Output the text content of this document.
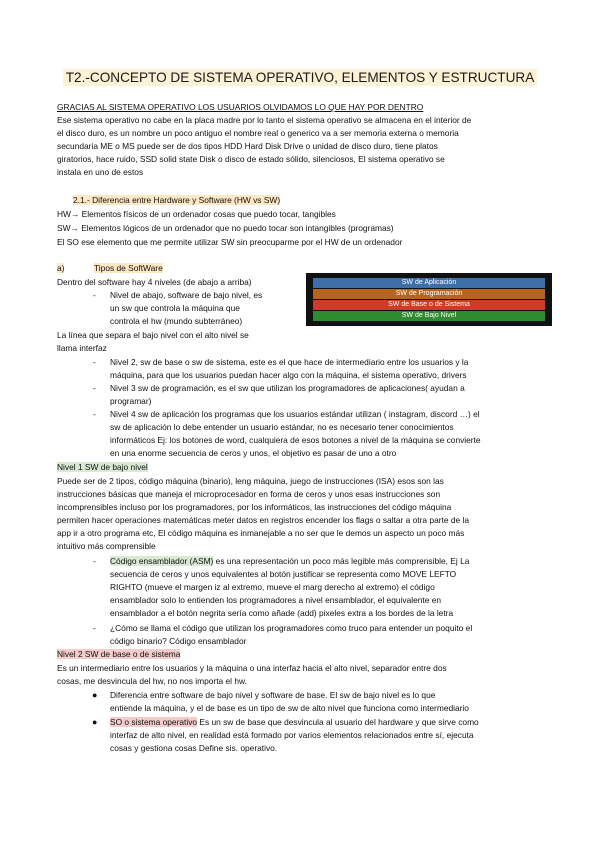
T2.-CONCEPTO DE SISTEMA OPERATIVO, ELEMENTOS Y ESTRUCTURA
GRACIAS AL SISTEMA OPERATIVO LOS USUARIOS OLVIDAMOS LO QUE HAY POR DENTRO
Ese sistema operativo no cabe en la placa madre por lo tanto el sistema operativo se almacena en el interior de
el disco duro, es un nombre un poco antiguo el nombre real o generico va a ser memoria externa o memoria
secundaria ME o MS puede ser de dos tipos HDD Hard Disk Drive o unidad de disco duro, tiene platos
giratorios, hace ruido, SSD solid state Disk o disco de estado sólido, silenciosos, El sistema operativo se
instala en uno de estos
2.1.- Diferencia entre Hardware y Software (HW vs SW)
HW→ Elementos físicos de un ordenador cosas que puedo tocar, tangibles
SW→ Elementos lógicos de un ordenador que no puedo tocar son intangibles (programas)
El SO ese elemento que me permite utilizar SW sin preocuparme por el HW de un ordenador
a)	Tipos de SoftWare
Dentro del software hay 4 niveles (de abajo a arriba)
- Nivel de abajo, software de bajo nivel, es
un sw que controla la máquina que
controla el hw (mundo subterráneo)
La línea que separa el bajo nivel con el alto nivel se
llama interfaz
- Nivel 2, sw de base o sw de sistema, este es el que hace de intermediario entre los usuarios y la
máquina, para que los usuarios puedan hacer algo con la máquina, el sistema operativo, drivers
- Nivel 3 sw de programación, es el sw que utilizan los programadores de aplicaciones( ayudan a
programar)
- Nivel 4 sw de aplicación los programas que los usuarios estándar utilizan ( instagram, discord …) el
sw de aplicación lo debe entender un usuario estándar, no es necesario tener conocimientos
informáticos Ej: los botones de word, cualquiera de esos botones a nivel de la máquina se convierte
en una enorme secuencia de ceros y unos, el objetivo es pasar de uno a otro
SW de Aplicación
SW de Programación
SW de Base o de Sistema
SW de Bajo Nivel
Nivel 1 SW de bajo nivel
Puede ser de 2 tipos, código máquina (binario), leng máquina, juego de instrucciones (ISA) esos son las
instrucciones básicas que maneja el microprocesador en forma de ceros y unos esas instrucciones son
incomprensibles incluso por los programadores, por los informáticos, las instrucciones del código máquina
permiten hacer operaciones matemáticas meter datos en registros encender los flags o saltar a otra parte de la
app ir a otro programa etc, El código máquina es inmanejable a no ser que le demos un aspecto un poco más
intuitivo más comprensible
- Código ensamblador (ASM) es una representación un poco más legible más comprensible, Ej La
secuencia de ceros y unos equivalentes al botón justificar se representa como MOVE LEFTO
RIGHTO (mueve el margen iz al extremo, mueve el marg derecho al extremo) el código
ensamblador solo lo entienden los programadores a nivel ensamblador, el equivalente en
ensamblador a el botón negrita sería como añade (add) pixeles extra a los bordes de la letra
- ¿Cómo se llama el código que utilizan los programadores como truco para entender un poquito el
código binario? Código ensamblador
Nivel 2 SW de base o de sistema
Es un intermediario entre los usuarios y la máquina o una interfaz hacia el alto nivel, separador entre dos
cosas, me desvincula del hw, no nos importa el hw.
● Diferencia entre software de bajo nivel y software de base. El sw de bajo nivel es lo que
entiende la máquina, y el de base es un tipo de sw de alto nivel que funciona como intermediario
● SO o sistema operativo Es un sw de base que desvincula al usuario del hardware y que sirve como
interfaz de alto nivel, en realidad está formado por varios elementos relacionados entre sí, ejecuta
cosas y gestiona cosas Define sis. operativo.
